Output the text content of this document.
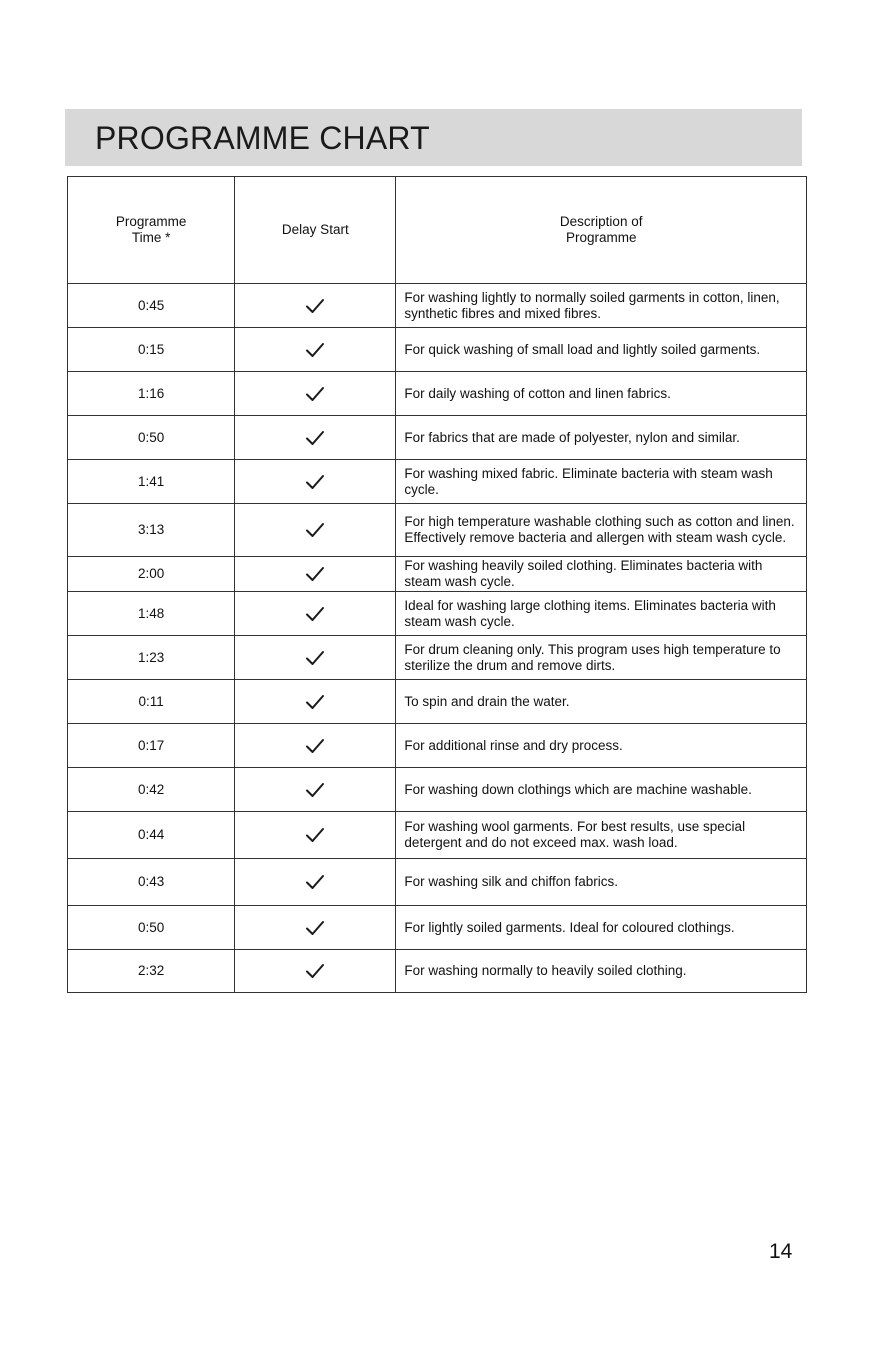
PROGRAMME CHART
Programme Time *	Delay Start	Description of Programme

0:45		For washing lightly to normally soiled garments in cotton, linen, synthetic fibres and mixed fibres.
0:15		For quick washing of small load and lightly soiled garments.
1:16		For daily washing of cotton and linen fabrics.
0:50		For fabrics that are made of polyester, nylon and similar.
1:41		For washing mixed fabric. Eliminate bacteria with steam wash cycle.
3:13		For high temperature washable clothing such as cotton and linen. Effectively remove bacteria and allergen with steam wash cycle.
2:00		For washing heavily soiled clothing. Eliminates bacteria with steam wash cycle.
1:48		Ideal for washing large clothing items. Eliminates bacteria with steam wash cycle.
1:23		For drum cleaning only. This program uses high temperature to sterilize the drum and remove dirts.
0:11		To spin and drain the water.
0:17		For additional rinse and dry process.
0:42		For washing down clothings which are machine washable.
0:44		For washing wool garments. For best results, use special detergent and do not exceed max. wash load.
0:43		For washing silk and chiffon fabrics.
0:50		For lightly soiled garments. Ideal for coloured clothings.
2:32		For washing normally to heavily soiled clothing.
14
